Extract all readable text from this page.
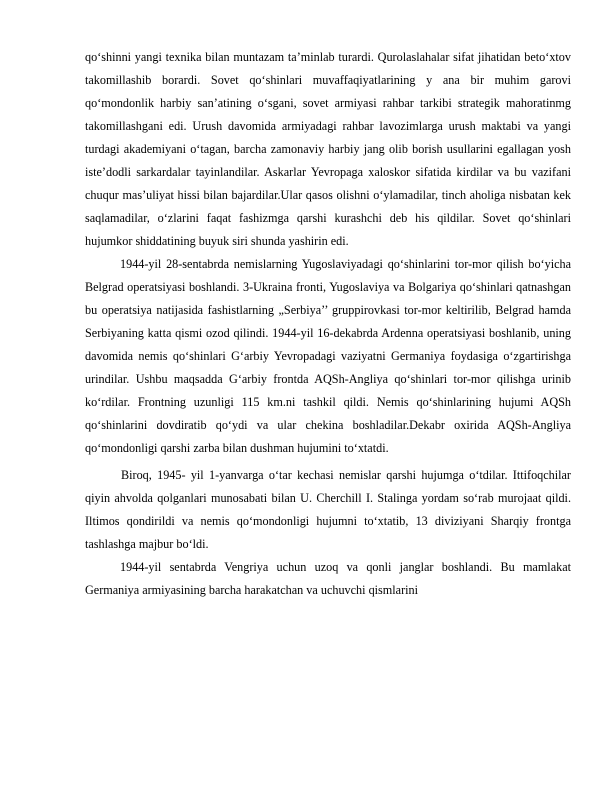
qo‘shinni yangi texnika bilan muntazam ta’minlab turardi. Qurolaslahalar sifat jihatidan beto‘xtov takomillashib borardi. Sovet qo‘shinlari muvaffaqiyatlarining y ana bir muhim garovi qo‘mondonlik harbiy san’atining o‘sgani, sovet armiyasi rahbar tarkibi strategik mahoratinmg takomillashgani edi. Urush davomida armiyadagi rahbar lavozimlarga urush maktabi va yangi turdagi akademiyani o‘tagan, barcha zamonaviy harbiy jang olib borish usullarini egallagan yosh iste’dodli sarkardalar tayinlandilar. Askarlar Yevropaga xaloskor sifatida kirdilar va bu vazifani chuqur mas’uliyat hissi bilan bajardilar.Ular qasos olishni o‘ylamadilar, tinch aholiga nisbatan kek saqlamadilar, o‘zlarini faqat fashizmga qarshi kurashchi deb his qildilar. Sovet qo‘shinlari hujumkor shiddatining buyuk siri shunda yashirin edi.

1944-yil 28-sentabrda nemislarning Yugoslaviyadagi qo‘shinlarini tor-mor qilish bo‘yicha Belgrad operatsiyasi boshlandi. 3-Ukraina fronti, Yugoslaviya va Bolgariya qo‘shinlari qatnashgan bu operatsiya natijasida fashistlarning „Serbiya’’ gruppirovkasi tor-mor keltirilib, Belgrad hamda Serbiyaning katta qismi ozod qilindi. 1944-yil 16-dekabrda Ardenna operatsiyasi boshlanib, uning davomida nemis qo‘shinlari G‘arbiy Yevropadagi vaziyatni Germaniya foydasiga o‘zgartirishga urindilar. Ushbu maqsadda G‘arbiy frontda AQSh-Angliya qo‘shinlari tor-mor qilishga urinib ko‘rdilar. Frontning uzunligi 115 km.ni tashkil qildi. Nemis qo‘shinlarining hujumi AQSh qo‘shinlarini dovdiratib qo‘ydi va ular chekina boshladilar.Dekabr oxirida AQSh-Angliya qo‘mondonligi qarshi zarba bilan dushman hujumini to‘xtatdi.

Biroq, 1945- yil 1-yanvarga o‘tar kechasi nemislar qarshi hujumga o‘tdilar. Ittifoqchilar qiyin ahvolda qolganlari munosabati bilan U. Cherchill I. Stalinga yordam so‘rab murojaat qildi. Iltimos qondirildi va nemis qo‘mondonligi hujumni to‘xtatib, 13 diviziyani Sharqiy frontga tashlashga majbur bo‘ldi.

1944-yil sentabrda Vengriya uchun uzoq va qonli janglar boshlandi. Bu mamlakat Germaniya armiyasining barcha harakatchan va uchuvchi qismlarini
